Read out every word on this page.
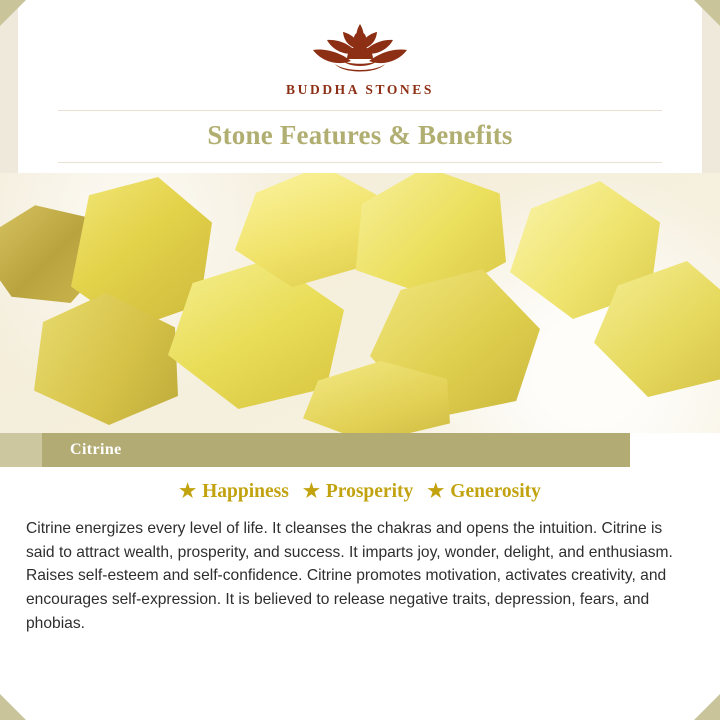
BUDDHA STONES
Stone Features & Benefits
Citrine
★ Happiness ★ Prosperity ★ Generosity
Citrine energizes every level of life. It cleanses the chakras and opens the intuition. Citrine is said to attract wealth, prosperity, and success. It imparts joy, wonder, delight, and enthusiasm. Raises self-esteem and self-confidence. Citrine promotes motivation, activates creativity, and encourages self-expression. It is believed to release negative traits, depression, fears, and phobias.
